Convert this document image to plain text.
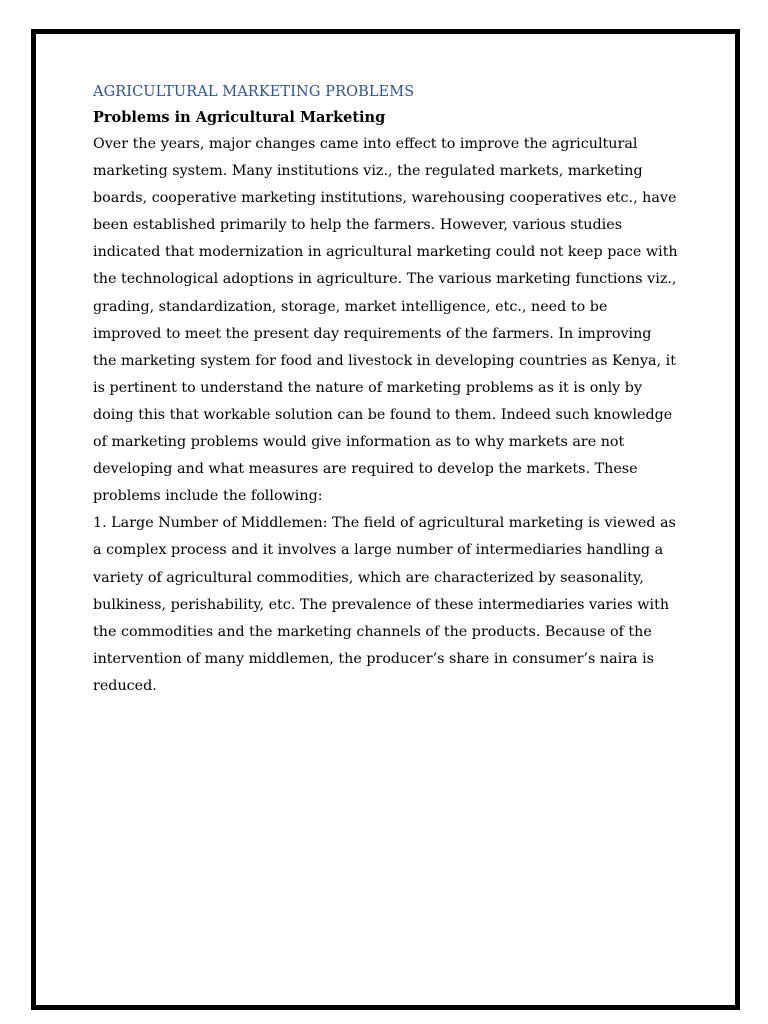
AGRICULTURAL MARKETING PROBLEMS
Problems in Agricultural Marketing

Over the years, major changes came into effect to improve the agricultural marketing system. Many institutions viz., the regulated markets, marketing boards, cooperative marketing institutions, warehousing cooperatives etc., have been established primarily to help the farmers. However, various studies indicated that modernization in agricultural marketing could not keep pace with the technological adoptions in agriculture. The various marketing functions viz., grading, standardization, storage, market intelligence, etc., need to be improved to meet the present day requirements of the farmers. In improving the marketing system for food and livestock in developing countries as Kenya, it is pertinent to understand the nature of marketing problems as it is only by doing this that workable solution can be found to them. Indeed such knowledge of marketing problems would give information as to why markets are not developing and what measures are required to develop the markets. These problems include the following:

1. Large Number of Middlemen: The field of agricultural marketing is viewed as a complex process and it involves a large number of intermediaries handling a variety of agricultural commodities, which are characterized by seasonality, bulkiness, perishability, etc. The prevalence of these intermediaries varies with the commodities and the marketing channels of the products. Because of the intervention of many middlemen, the producer’s share in consumer’s naira is reduced.
